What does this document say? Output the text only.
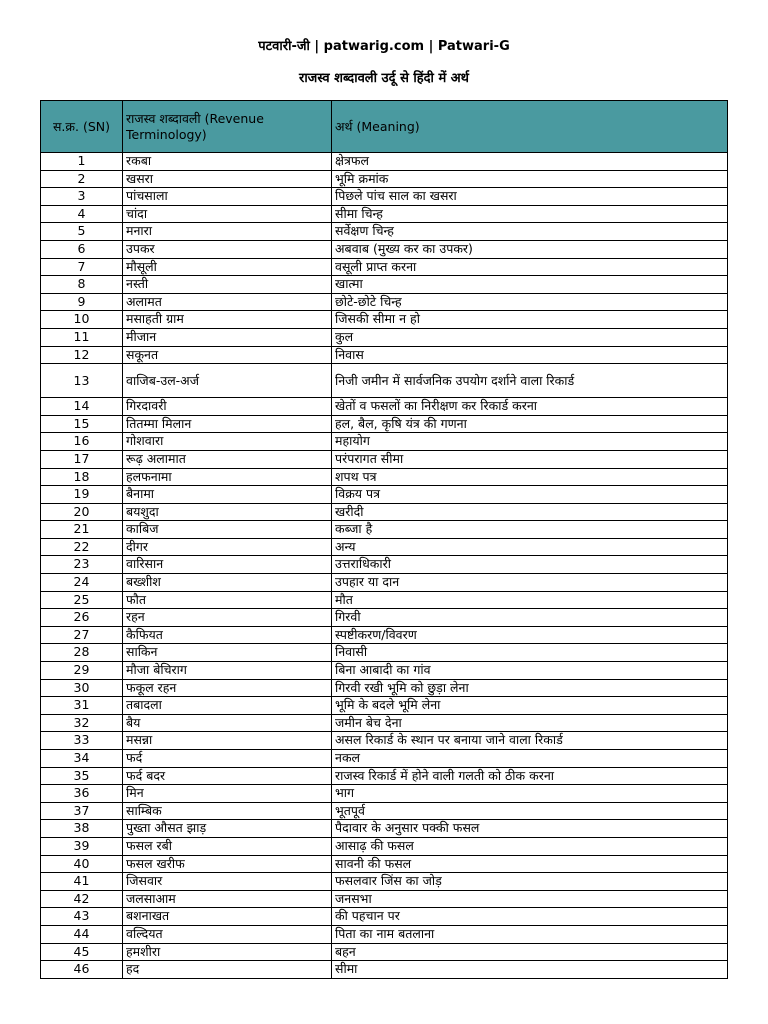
पटवारी-जी | patwarig.com | Patwari-G
राजस्व शब्दावली उर्दू से हिंदी में अर्थ
स.क्र. (SN)	राजस्व शब्दावली (Revenue Terminology)	अर्थ (Meaning)
1	रकबा	क्षेत्रफल
2	खसरा	भूमि क्रमांक
3	पांचसाला	पिछले पांच साल का खसरा
4	चांदा	सीमा चिन्ह
5	मनारा	सर्वेक्षण चिन्ह
6	उपकर	अबवाब (मुख्य कर का उपकर)
7	मौसूली	वसूली प्राप्त करना
8	नस्ती	खात्मा
9	अलामत	छोटे-छोटे चिन्ह
10	मसाहती ग्राम	जिसकी सीमा न हो
11	मीजान	कुल
12	सकूनत	निवास
13	वाजिब-उल-अर्ज	निजी जमीन में सार्वजनिक उपयोग दर्शाने वाला रिकार्ड
14	गिरदावरी	खेतों व फसलों का निरीक्षण कर रिकार्ड करना
15	तितम्मा मिलान	हल, बैल, कृषि यंत्र की गणना
16	गोशवारा	महायोग
17	रूढ़ अलामात	परंपरागत सीमा
18	हलफनामा	शपथ पत्र
19	बैनामा	विक्रय पत्र
20	बयशुदा	खरीदी
21	काबिज	कब्जा है
22	दीगर	अन्य
23	वारिसान	उत्तराधिकारी
24	बख्शीश	उपहार या दान
25	फौत	मौत
26	रहन	गिरवी
27	कैफियत	स्पष्टीकरण/विवरण
28	साकिन	निवासी
29	मौजा बेचिराग	बिना आबादी का गांव
30	फकूल रहन	गिरवी रखी भूमि को छुड़ा लेना
31	तबादला	भूमि के बदले भूमि लेना
32	बैय	जमीन बेच देना
33	मसन्ना	असल रिकार्ड के स्थान पर बनाया जाने वाला रिकार्ड
34	फर्द	नकल
35	फर्द बदर	राजस्व रिकार्ड में होने वाली गलती को ठीक करना
36	मिन	भाग
37	साम्बिक	भूतपूर्व
38	पुख्ता औसत झाड़	पैदावार के अनुसार पक्की फसल
39	फसल रबी	आसाढ़ की फसल
40	फसल खरीफ	सावनी की फसल
41	जिसवार	फसलवार जिंस का जोड़
42	जलसाआम	जनसभा
43	बशनाखत	की पहचान पर
44	वल्दियत	पिता का नाम बतलाना
45	हमशीरा	बहन
46	हद	सीमा
